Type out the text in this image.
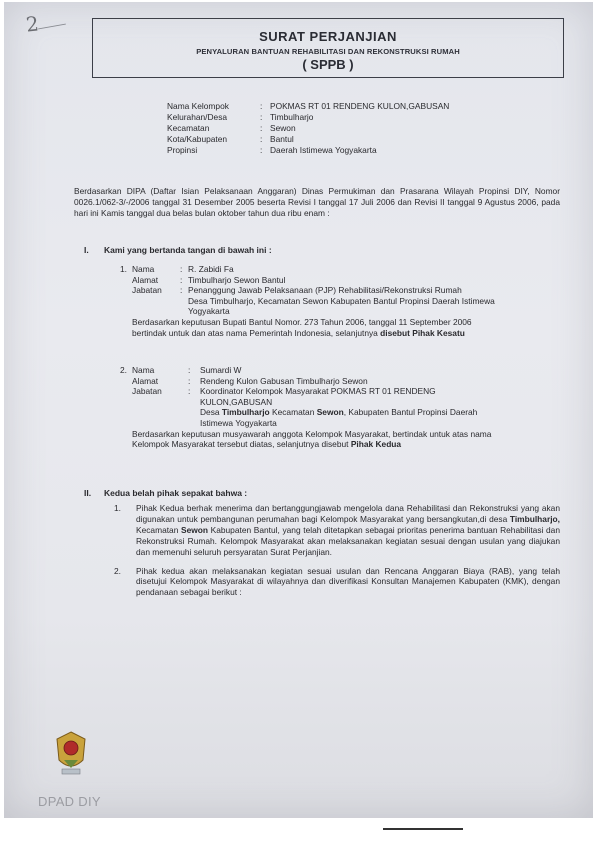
2	SURAT PERJANJIAN
PENYALURAN BANTUAN REHABILITASI DAN REKONSTRUKSI RUMAH
( SPPB )
Nama Kelompok	: POKMAS RT 01 RENDENG KULON,GABUSAN
Kelurahan/Desa	: Timbulharjo
Kecamatan	: Sewon
Kota/Kabupaten	: Bantul
Propinsi	: Daerah Istimewa Yogyakarta
Berdasarkan DIPA (Daftar Isian Pelaksanaan Anggaran) Dinas Permukiman dan Prasarana Wilayah Propinsi DIY, Nomor 0026.1/062-3/-/2006 tanggal 31 Desember 2005 beserta Revisi I tanggal 17 Juli 2006 dan Revisi II tanggal 9 Agustus 2006, pada hari ini Kamis tanggal dua belas bulan oktober tahun dua ribu enam :
I. Kami yang bertanda tangan di bawah ini :
1. Nama	: R. Zabidi Fa
Alamat	: Timbulharjo Sewon Bantul
Jabatan	: Penanggung Jawab Pelaksanaan (PJP) Rehabilitasi/Rekonstruksi Rumah
Desa Timbulharjo, Kecamatan Sewon Kabupaten Bantul Propinsi Daerah Istimewa
Yogyakarta
Berdasarkan keputusan Bupati Bantul Nomor. 273 Tahun 2006, tanggal 11 September 2006
bertindak untuk dan atas nama Pemerintah Indonesia, selanjutnya
disebut Pihak Kesatu
2. Nama	:	Sumardi W
Alamat	:	Rendeng Kulon Gabusan Timbulharjo Sewon
Jabatan	:	Koordinator Kelompok Masyarakat POKMAS RT 01 RENDENG
KULON,GABUSAN
Desa Timbulharjo Kecamatan Sewon, Kabupaten Bantul Propinsi Daerah
Istimewa Yogyakarta
Berdasarkan keputusan musyawarah anggota Kelompok Masyarakat, bertindak untuk atas nama
Kelompok Masyarakat tersebut diatas, selanjutnya disebut
Pihak Kedua
II. Kedua belah pihak sepakat bahwa :
1.	Pihak Kedua berhak menerima dan bertanggungjawab mengelola dana Rehabilitasi dan Rekonstruksi yang akan digunakan untuk pembangunan perumahan bagi Kelompok Masyarakat yang bersangkutan,di desa Timbulharjo, Kecamatan Sewon Kabupaten Bantul, yang telah ditetapkan sebagai prioritas penerima bantuan Rehabilitasi dan Rekonstruksi Rumah. Kelompok Masyarakat akan melaksanakan kegiatan sesuai dengan usulan yang diajukan dan memenuhi seluruh persyaratan Surat Perjanjian.
2.	Pihak kedua akan melaksanakan kegiatan sesuai usulan dan Rencana Anggaran Biaya (RAB), yang telah disetujui Kelompok Masyarakat di wilayahnya dan diverifikasi Konsultan Manajemen Kabupaten (KMK), dengan pendanaan sebagai berikut :
DPAD DIY
